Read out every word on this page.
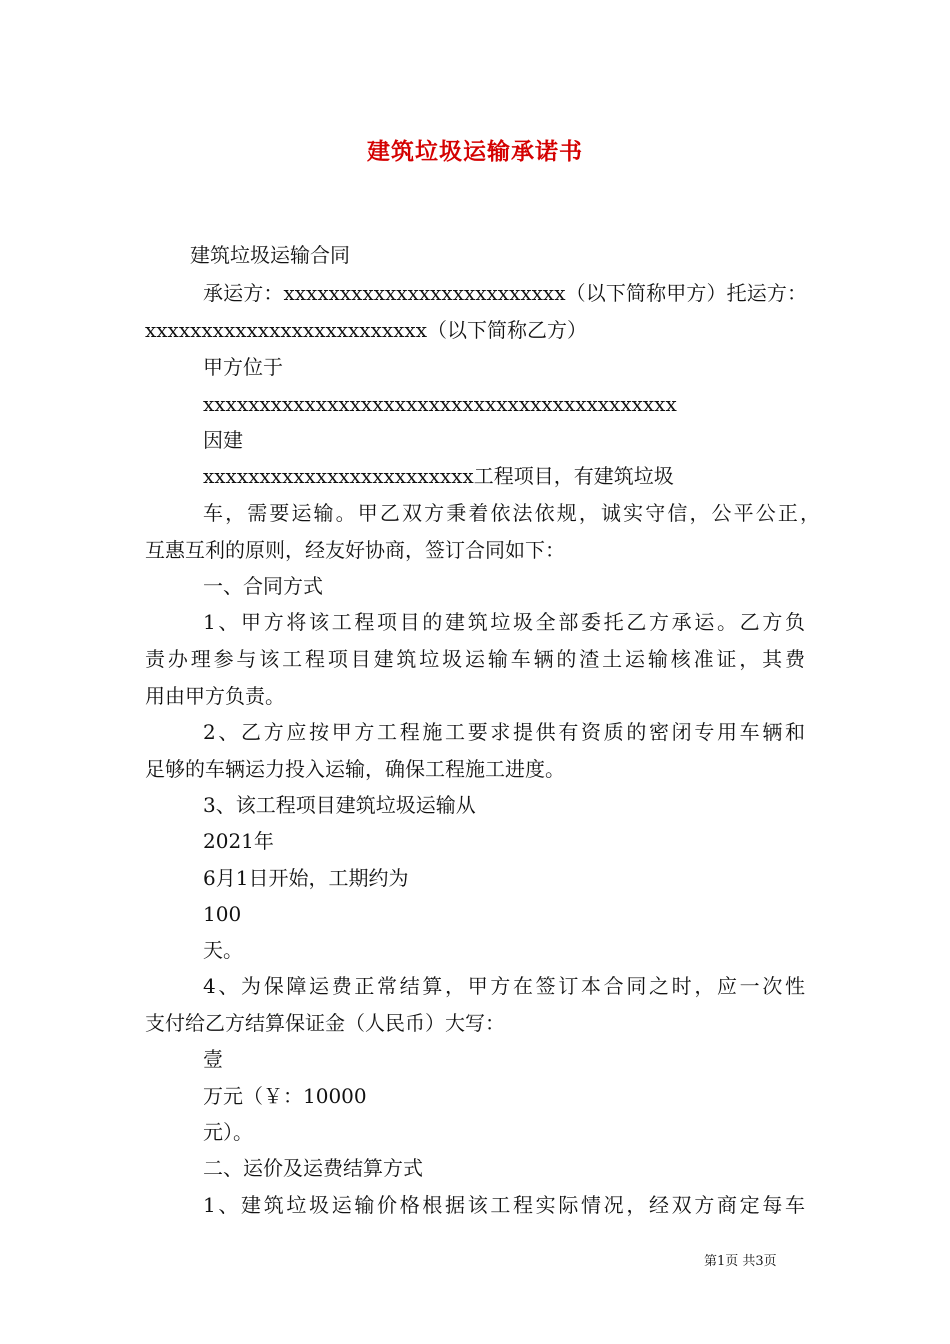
建筑垃圾运输承诺书
建筑垃圾运输合同
承运方：xxxxxxxxxxxxxxxxxxxxxxxxx（以下简称甲方）托运方：
xxxxxxxxxxxxxxxxxxxxxxxxx（以下简称乙方）
甲方位于
xxxxxxxxxxxxxxxxxxxxxxxxxxxxxxxxxxxxxxxxxx
因建
xxxxxxxxxxxxxxxxxxxxxxxx工程项目，有建筑垃圾
车，需要运输。甲乙双方秉着依法依规，诚实守信，公平公正，
互惠互利的原则，经友好协商，签订合同如下：
一、合同方式
1、甲方将该工程项目的建筑垃圾全部委托乙方承运。乙方负
责办理参与该工程项目建筑垃圾运输车辆的渣土运输核准证，其费
用由甲方负责。
2、乙方应按甲方工程施工要求提供有资质的密闭专用车辆和
足够的车辆运力投入运输，确保工程施工进度。
3、该工程项目建筑垃圾运输从
2021年
6月1日开始，工期约为
100
天。
4、为保障运费正常结算，甲方在签订本合同之时，应一次性
支付给乙方结算保证金（人民币）大写：
壹
万元（￥：10000
元）。
二、运价及运费结算方式
1、建筑垃圾运输价格根据该工程实际情况，经双方商定每车
第1页 共3页
